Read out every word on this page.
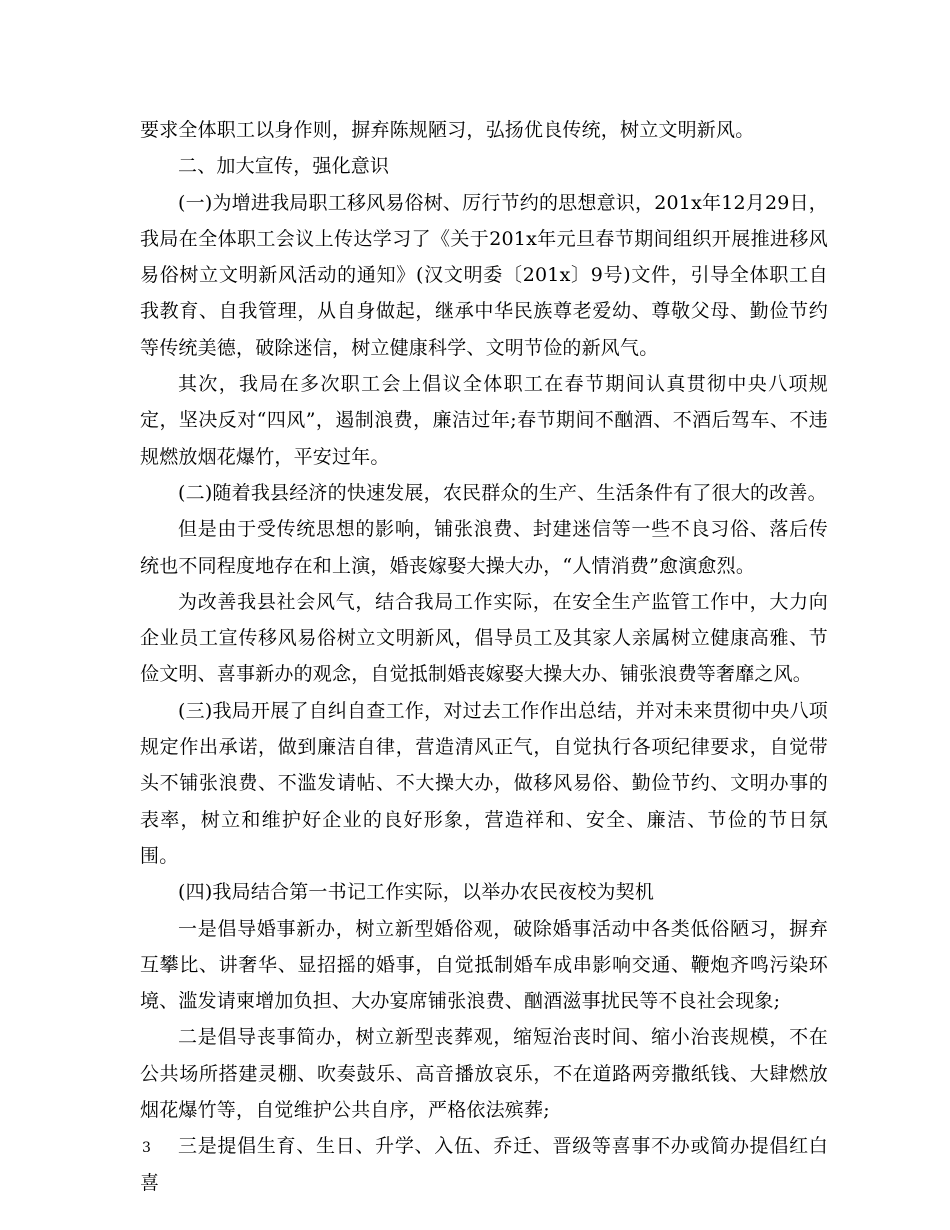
要求全体职工以身作则，摒弃陈规陋习，弘扬优良传统，树立文明新风。

二、加大宣传，强化意识

(一)为增进我局职工移风易俗树、厉行节约的思想意识，201x年12月29日，我局在全体职工会议上传达学习了《关于201x年元旦春节期间组织开展推进移风易俗树立文明新风活动的通知》(汉文明委〔201x〕9号)文件，引导全体职工自我教育、自我管理，从自身做起，继承中华民族尊老爱幼、尊敬父母、勤俭节约等传统美德，破除迷信，树立健康科学、文明节俭的新风气。

其次，我局在多次职工会上倡议全体职工在春节期间认真贯彻中央八项规定，坚决反对“四风”，遏制浪费，廉洁过年;春节期间不酗酒、不酒后驾车、不违规燃放烟花爆竹，平安过年。

(二)随着我县经济的快速发展，农民群众的生产、生活条件有了很大的改善。

但是由于受传统思想的影响，铺张浪费、封建迷信等一些不良习俗、落后传统也不同程度地存在和上演，婚丧嫁娶大操大办，“人情消费”愈演愈烈。

为改善我县社会风气，结合我局工作实际，在安全生产监管工作中，大力向企业员工宣传移风易俗树立文明新风，倡导员工及其家人亲属树立健康高雅、节俭文明、喜事新办的观念，自觉抵制婚丧嫁娶大操大办、铺张浪费等奢靡之风。

(三)我局开展了自纠自查工作，对过去工作作出总结，并对未来贯彻中央八项规定作出承诺，做到廉洁自律，营造清风正气，自觉执行各项纪律要求，自觉带头不铺张浪费、不滥发请帖、不大操大办，做移风易俗、勤俭节约、文明办事的表率，树立和维护好企业的良好形象，营造祥和、安全、廉洁、节俭的节日氛围。

(四)我局结合第一书记工作实际，以举办农民夜校为契机

一是倡导婚事新办，树立新型婚俗观，破除婚事活动中各类低俗陋习，摒弃互攀比、讲奢华、显招摇的婚事，自觉抵制婚车成串影响交通、鞭炮齐鸣污染环境、滥发请柬增加负担、大办宴席铺张浪费、酗酒滋事扰民等不良社会现象;

二是倡导丧事简办，树立新型丧葬观，缩短治丧时间、缩小治丧规模，不在公共场所搭建灵棚、吹奏鼓乐、高音播放哀乐，不在道路两旁撒纸钱、大肆燃放烟花爆竹等，自觉维护公共自序，严格依法殡葬;

三是提倡生育、生日、升学、入伍、乔迁、晋级等喜事不办或简办提倡红白喜

3
